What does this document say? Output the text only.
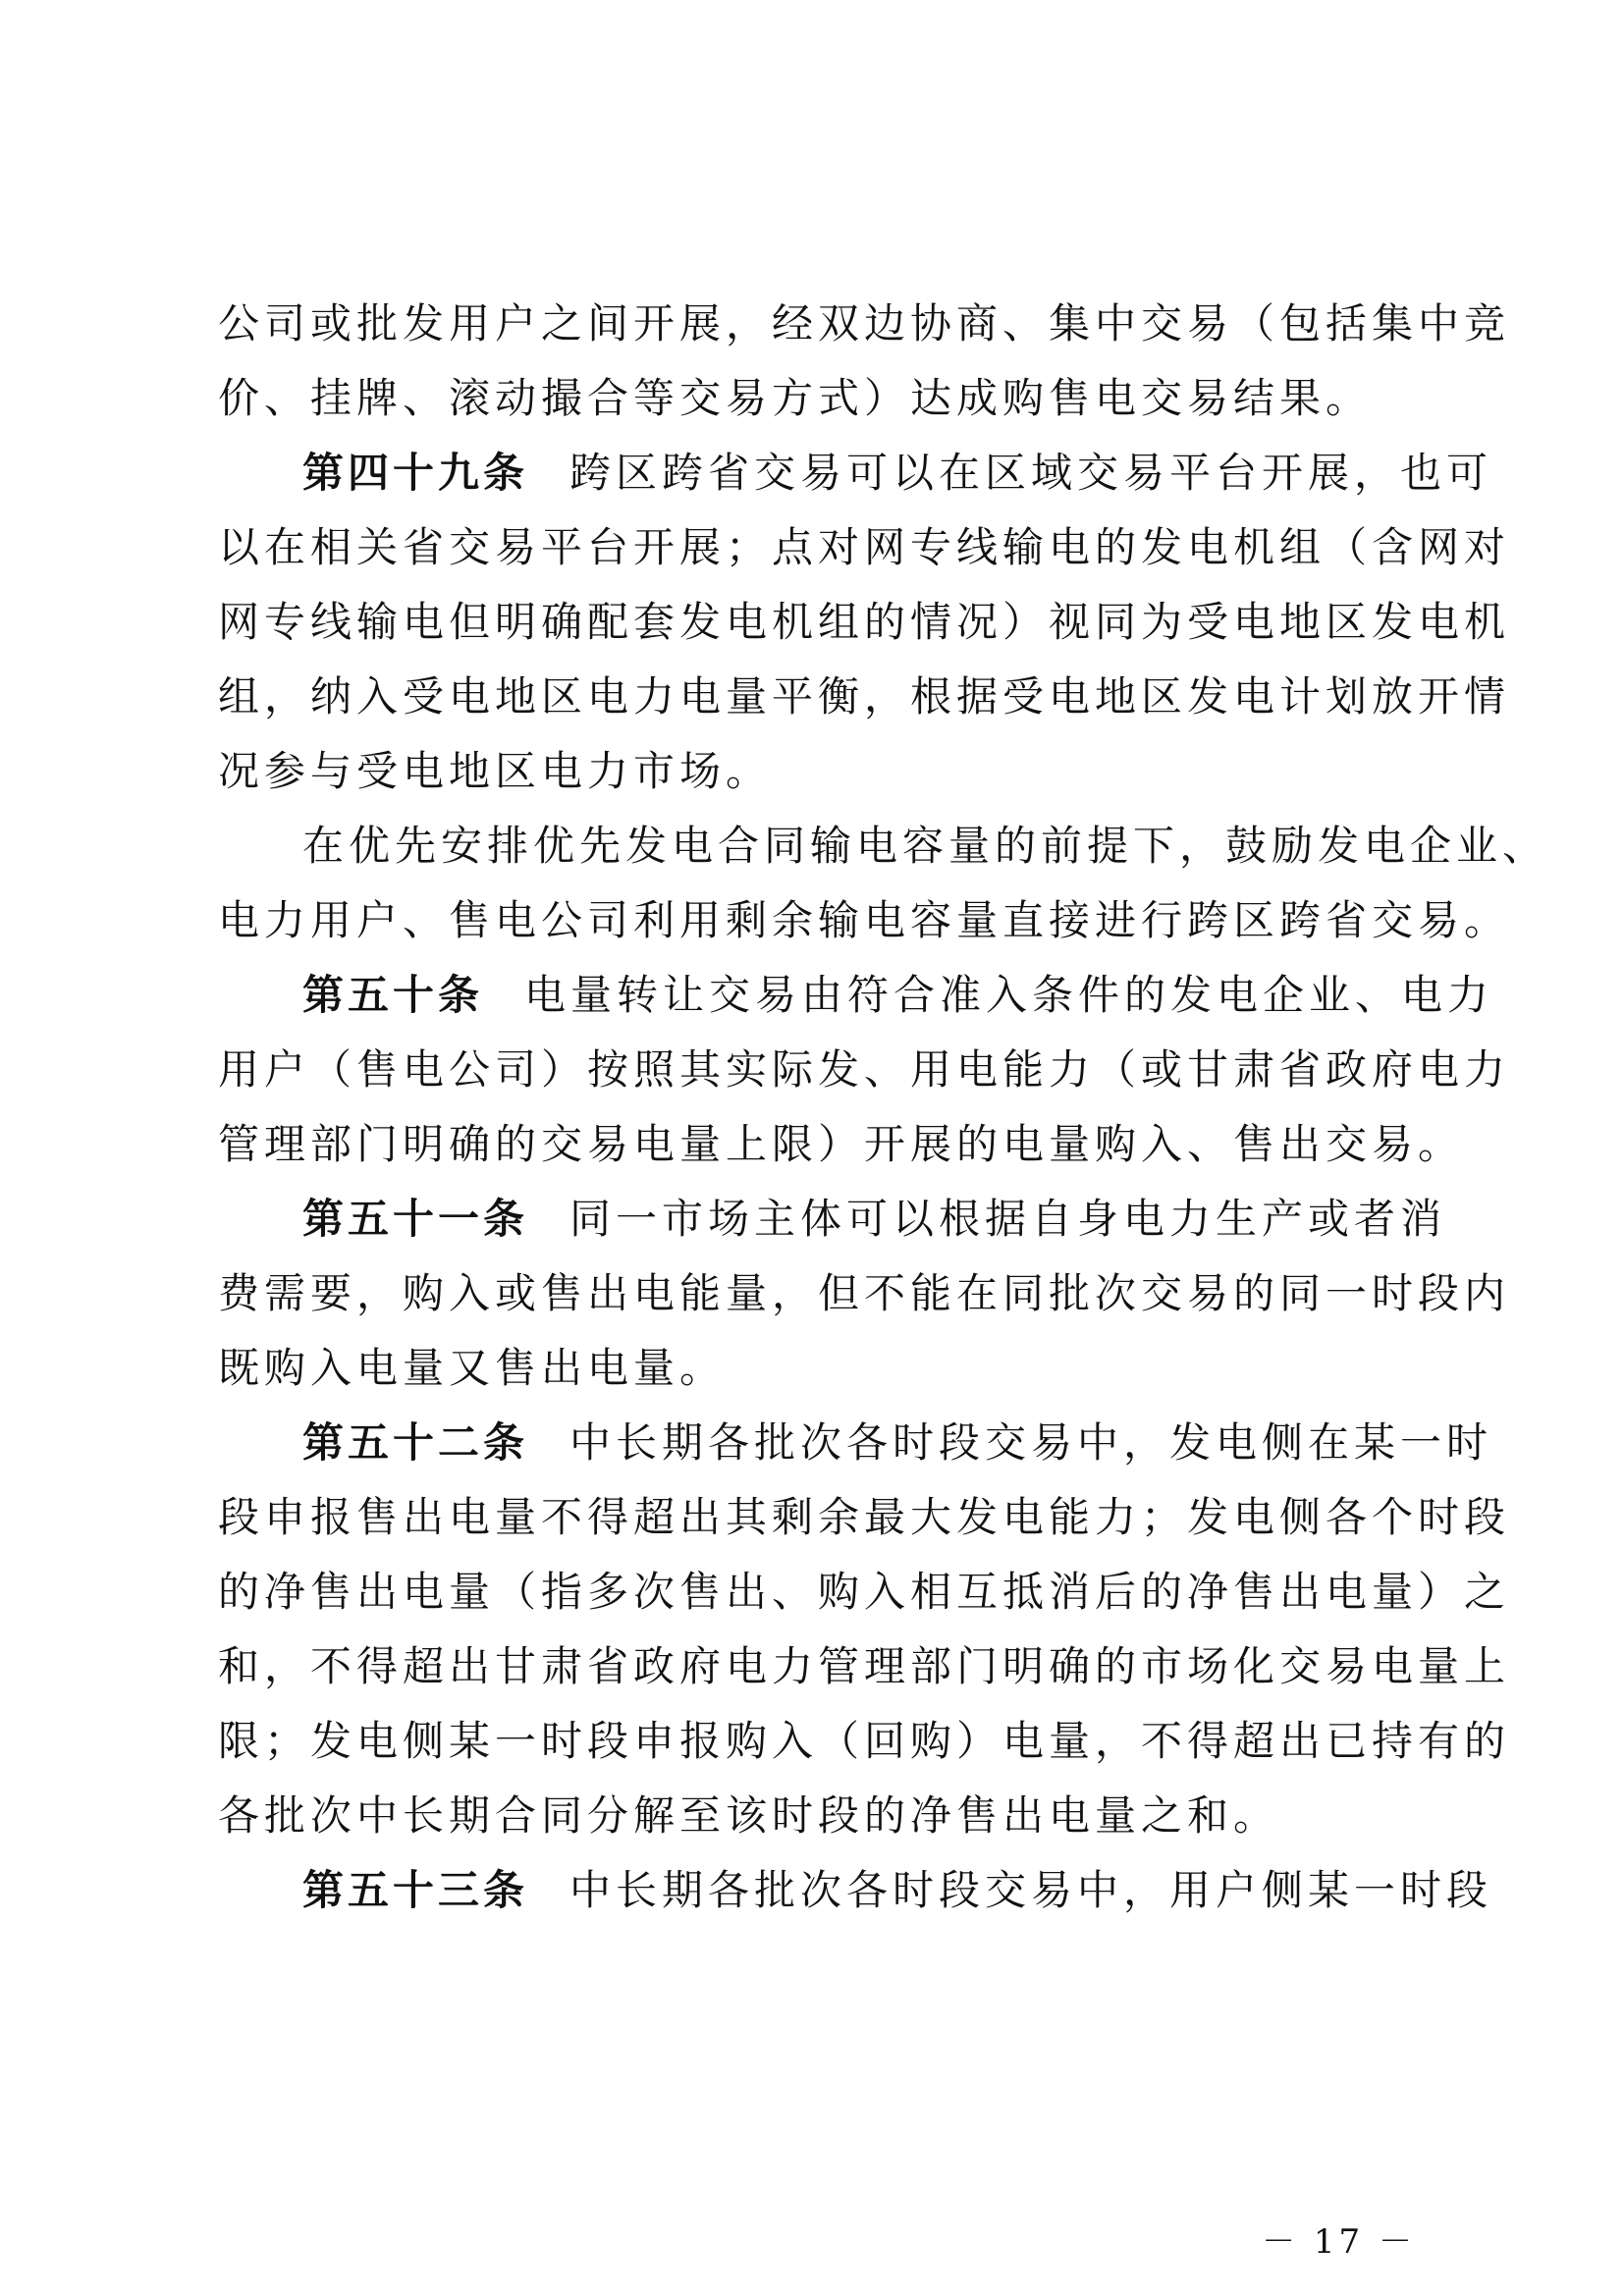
公司或批发用户之间开展，经双边协商、集中交易（包括集中竞
价、挂牌、滚动撮合等交易方式）达成购售电交易结果。
第四十九条 跨区跨省交易可以在区域交易平台开展，也可
以在相关省交易平台开展；点对网专线输电的发电机组（含网对
网专线输电但明确配套发电机组的情况）视同为受电地区发电机
组，纳入受电地区电力电量平衡，根据受电地区发电计划放开情
况参与受电地区电力市场。
在优先安排优先发电合同输电容量的前提下，鼓励发电企业、
电力用户、售电公司利用剩余输电容量直接进行跨区跨省交易。
第五十条 电量转让交易由符合准入条件的发电企业、电力
用户（售电公司）按照其实际发、用电能力（或甘肃省政府电力
管理部门明确的交易电量上限）开展的电量购入、售出交易。
第五十一条 同一市场主体可以根据自身电力生产或者消
费需要，购入或售出电能量，但不能在同批次交易的同一时段内
既购入电量又售出电量。
第五十二条 中长期各批次各时段交易中，发电侧在某一时
段申报售出电量不得超出其剩余最大发电能力；发电侧各个时段
的净售出电量（指多次售出、购入相互抵消后的净售出电量）之
和，不得超出甘肃省政府电力管理部门明确的市场化交易电量上
限；发电侧某一时段申报购入（回购）电量，不得超出已持有的
各批次中长期合同分解至该时段的净售出电量之和。
第五十三条 中长期各批次各时段交易中，用户侧某一时段
－ 17 －
